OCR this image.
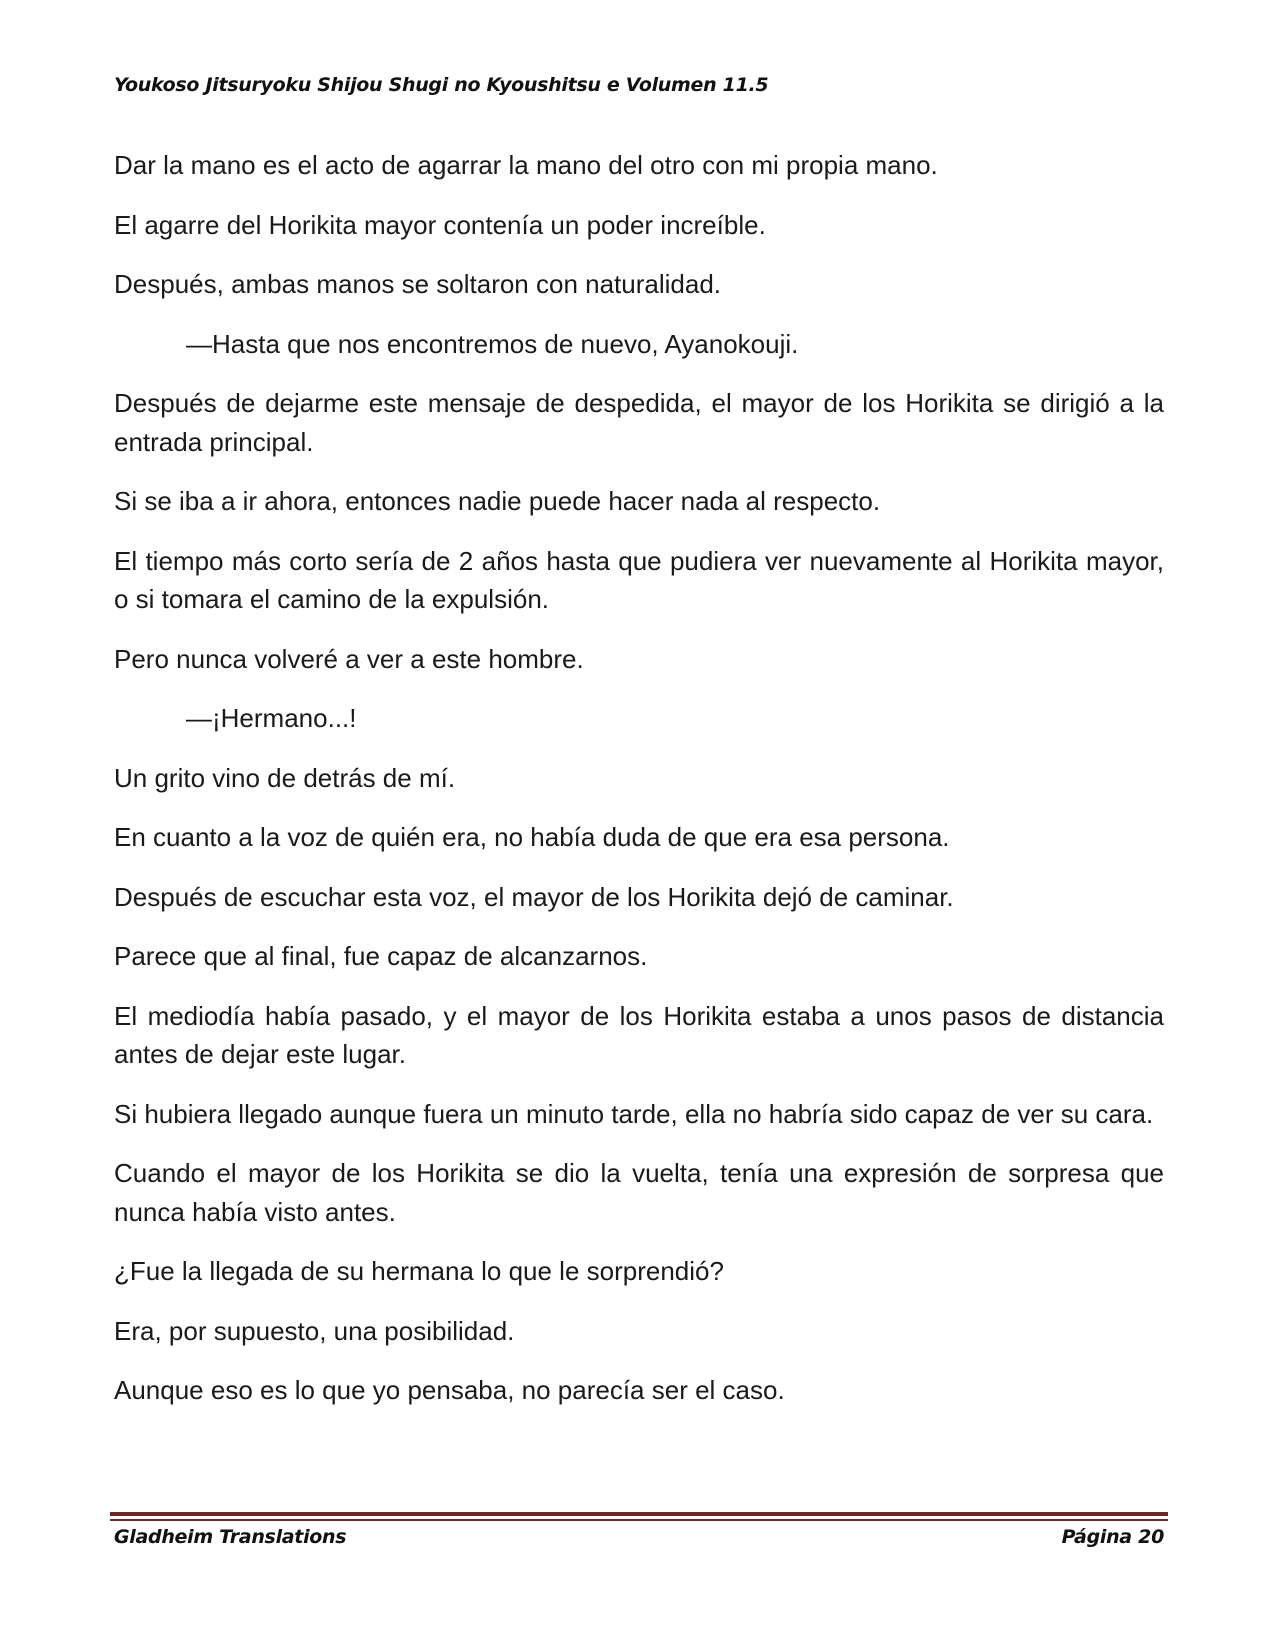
Youkoso Jitsuryoku Shijou Shugi no Kyoushitsu e Volumen 11.5

Dar la mano es el acto de agarrar la mano del otro con mi propia mano.

El agarre del Horikita mayor contenía un poder increíble.

Después, ambas manos se soltaron con naturalidad.

—Hasta que nos encontremos de nuevo, Ayanokouji.

Después de dejarme este mensaje de despedida, el mayor de los Horikita se dirigió a la entrada principal.

Si se iba a ir ahora, entonces nadie puede hacer nada al respecto.

El tiempo más corto sería de 2 años hasta que pudiera ver nuevamente al Horikita mayor, o si tomara el camino de la expulsión.

Pero nunca volveré a ver a este hombre.

—¡Hermano...!

Un grito vino de detrás de mí.

En cuanto a la voz de quién era, no había duda de que era esa persona.

Después de escuchar esta voz, el mayor de los Horikita dejó de caminar.

Parece que al final, fue capaz de alcanzarnos.

El mediodía había pasado, y el mayor de los Horikita estaba a unos pasos de distancia antes de dejar este lugar.

Si hubiera llegado aunque fuera un minuto tarde, ella no habría sido capaz de ver su cara.

Cuando el mayor de los Horikita se dio la vuelta, tenía una expresión de sorpresa que nunca había visto antes.

¿Fue la llegada de su hermana lo que le sorprendió?

Era, por supuesto, una posibilidad.

Aunque eso es lo que yo pensaba, no parecía ser el caso.

Gladheim Translations	Página 20
